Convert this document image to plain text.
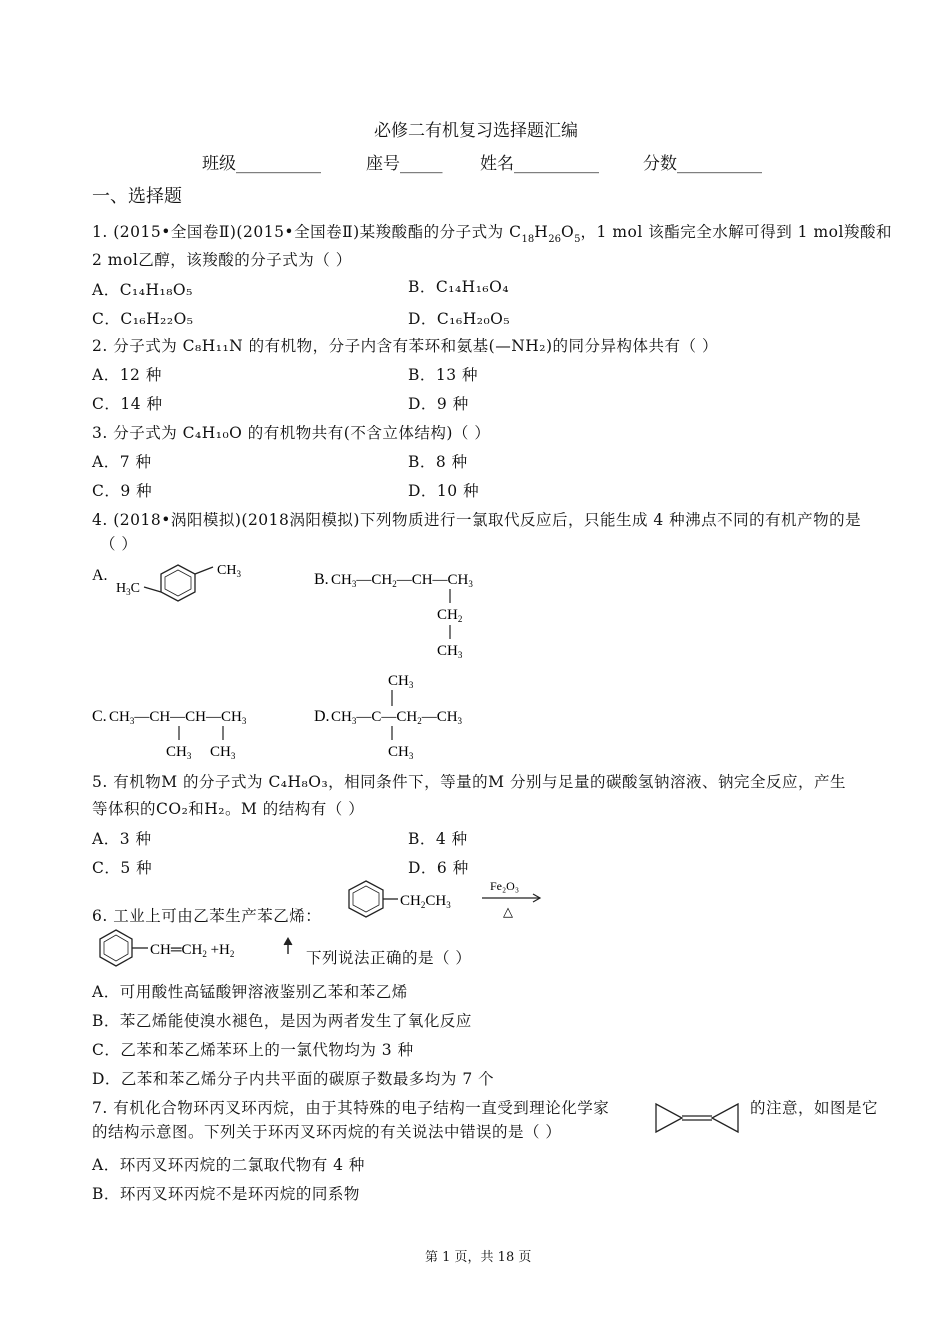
必修二有机复习选择题汇编
班级__________	座号_____ 姓名__________	分数__________
一、选择题
1. (2015•全国卷Ⅱ)(2015•全国卷Ⅱ)某羧酸酯的分子式为 $C_{18}H_{26}O_5$，1 mol 该酯完全水解可得到 1 mol羧酸和
2 mol乙醇，该羧酸的分子式为（ ）
A．C₁₄H₁₈O₅	B．C₁₄H₁₆O₄
C．C₁₆H₂₂O₅	D．C₁₆H₂₀O₅
2. 分子式为 C₈H₁₁N 的有机物，分子内含有苯环和氨基(—NH₂)的同分异构体共有（ ）
A．12 种	B．13 种
C．14 种	D．9 种
3. 分子式为 C₄H₁₀O 的有机物共有(不含立体结构)（ ）
A．7 种	B．8 种
C．9 种	D．10 种
4. (2018•涡阳模拟)(2018涡阳模拟)下列物质进行一氯取代反应后，只能生成 4 种沸点不同的有机产物的是
（ ）
A.	$CH_3$
$H_3C$
B. $CH_3—CH_2—CH—CH_3$
$CH_2$
$CH_3$
C. $CH_3—CH—CH—CH_3$
$CH_3$ $CH_3$
D. $CH_3—C—CH_2—CH_3$
$CH_3$
$CH_3$
5. 有机物M 的分子式为 C₄H₈O₃，相同条件下，等量的M 分别与足量的碳酸氢钠溶液、钠完全反应，产生
等体积的CO₂和H₂。M 的结构有（ ）
A．3 种	B．4 种
C．5 种	D．6 种
6. 工业上可由乙苯生产苯乙烯：
$CH_2CH_3$
Fe₂O₃
△
$CH═CH_2 +H_2$	下列说法正确的是（ ）
A．可用酸性高锰酸钾溶液鉴别乙苯和苯乙烯
B．苯乙烯能使溴水褪色，是因为两者发生了氧化反应
C．乙苯和苯乙烯苯环上的一氯代物均为 3 种
D．乙苯和苯乙烯分子内共平面的碳原子数最多均为 7 个
7. 有机化合物环丙叉环丙烷，由于其特殊的电子结构一直受到理论化学家	的注意，如图是它
的结构示意图。下列关于环丙叉环丙烷的有关说法中错误的是（ ）
A．环丙叉环丙烷的二氯取代物有 4 种
B．环丙叉环丙烷不是环丙烷的同系物
第 1 页，共 18 页
